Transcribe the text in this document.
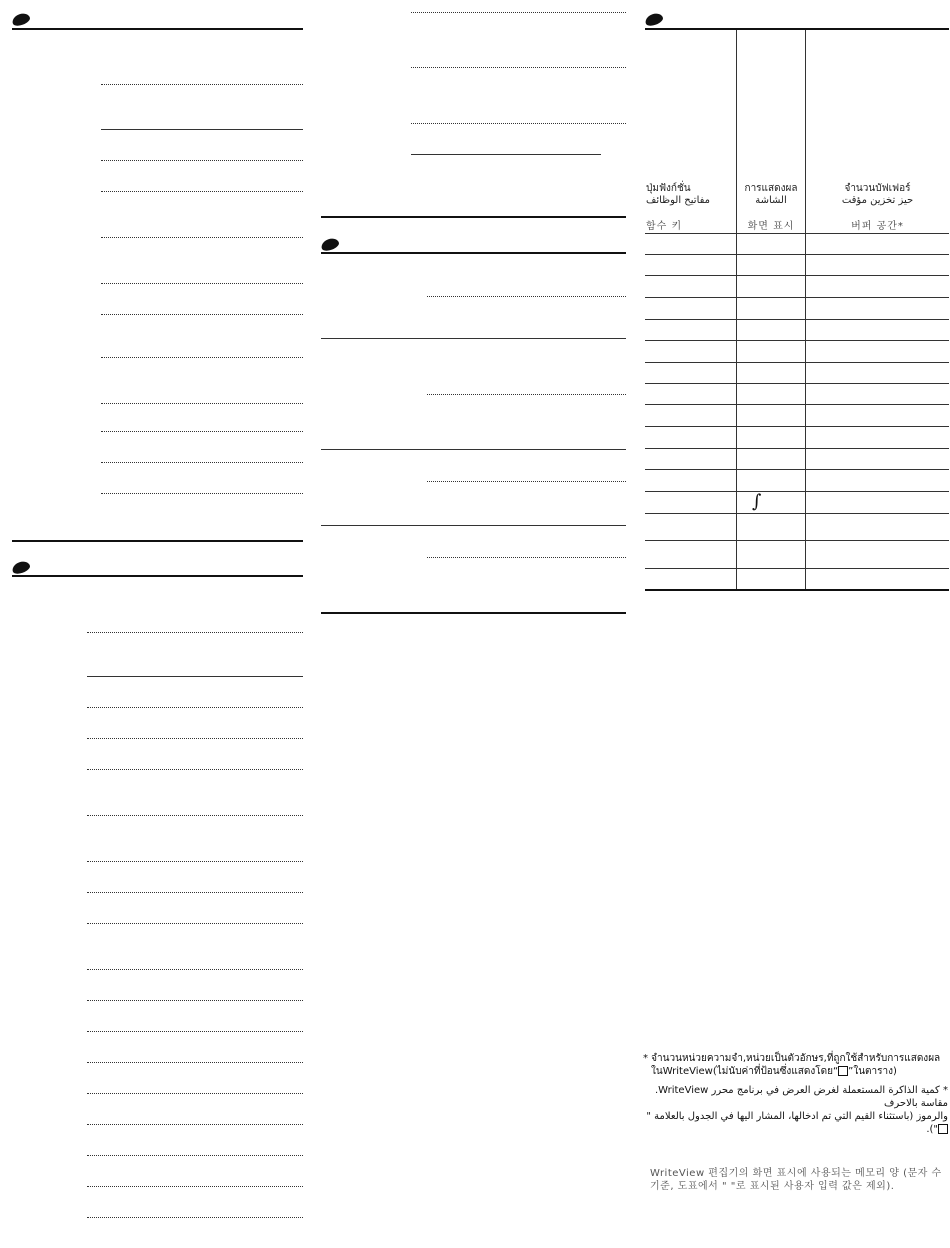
ปุ่มฟังก์ชั่น
مفاتيح الوظائف
การแสดงผล
الشاشة
จำนวนบัฟเฟอร์
حيز تخزين مؤقت
함수 키	화면 표시	버퍼 공간*
∫
* จำนวนหน่วยความจำ,หน่วยเป็นตัวอักษร,ที่ถูกใช้สำหรับการแสดงผล
ในWriteView(ไม่นับค่าที่ป้อนซึ่งแสดงโดย“ ”ในตาราง)
* كمية الذاكرة المستعملة لغرض العرض في برنامج محرر WriteView. مقاسة بالاحرف
والرموز (باستثناء القيم التي تم ادخالها، المشار اليها في الجدول بالعلامة "").
WriteView 편집기의 화면 표시에 사용되는 메모리 양 (문자 수
기준, 도표에서 " "로 표시된 사용자 입력 값은 제외).
